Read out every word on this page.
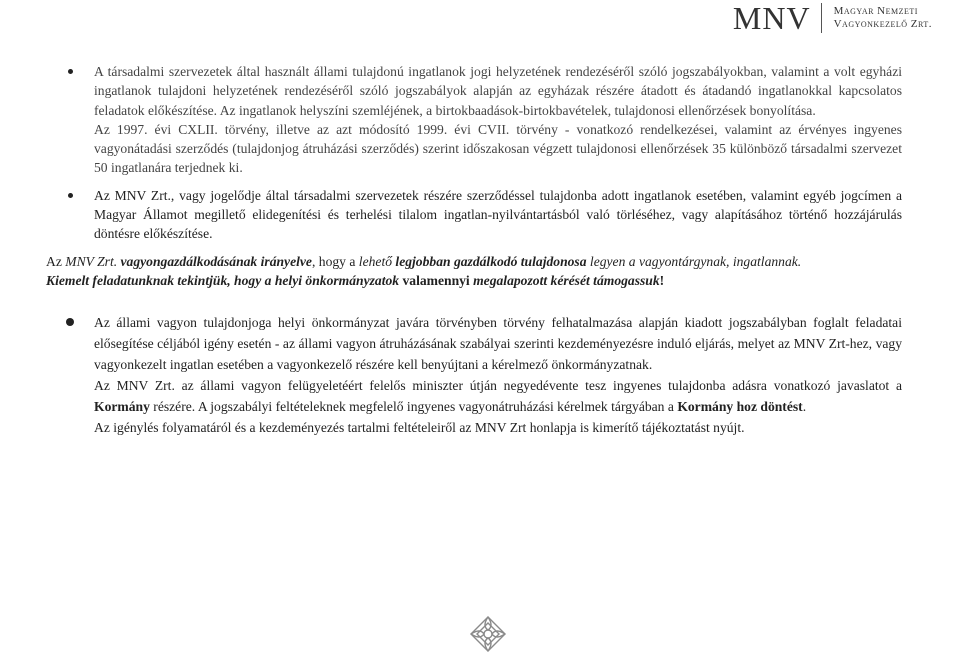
MNV Magyar Nemzeti
Vagyonkezelő Zrt.

A társadalmi szervezetek által használt állami tulajdonú ingatlanok jogi helyzetének rendezéséről szóló jogszabályokban, valamint a volt egyházi ingatlanok tulajdoni helyzetének rendezéséről szóló jogszabályok alapján az egyházak részére átadott és átadandó ingatlanokkal kapcsolatos feladatok előkészítése. Az ingatlanok helyszíni szemléjének, a birtokbaadások-birtokbavételek, tulajdonosi ellenőrzések bonyolítása.

Az 1997. évi CXLII. törvény, illetve az azt módosító 1999. évi CVII. törvény - vonatkozó rendelkezései, valamint az érvényes ingyenes vagyonátadási szerződés (tulajdonjog átruházási szerződés) szerint időszakosan végzett tulajdonosi ellenőrzések 35 különböző társadalmi szervezet 50 ingatlanára terjednek ki.

Az MNV Zrt., vagy jogelődje által társadalmi szervezetek részére szerződéssel tulajdonba adott ingatlanok esetében, valamint egyéb jogcímen a Magyar Államot megillető elidegenítési és terhelési tilalom ingatlan-nyilvántartásból való törléséhez, vagy alapításához történő hozzájárulás döntésre előkészítése.

Az MNV Zrt. vagyongazdálkodásának irányelve, hogy a lehető legjobban gazdálkodó tulajdonosa legyen a vagyontárgynak, ingatlannak.

Kiemelt feladatunknak tekintjük, hogy a helyi önkormányzatok valamennyi megalapozott kérését támogassuk!

Az állami vagyon tulajdonjoga helyi önkormányzat javára törvényben törvény felhatalmazása alapján kiadott jogszabályban foglalt feladatai elősegítése céljából igény esetén - az állami vagyon átruházásának szabályai szerinti kezdeményezésre induló eljárás, melyet az MNV Zrt-hez, vagy vagyonkezelt ingatlan esetében a vagyonkezelő részére kell benyújtani a kérelmező önkormányzatnak.

Az MNV Zrt. az állami vagyon felügyeletéért felelős miniszter útján negyedévente tesz ingyenes tulajdonba adásra vonatkozó javaslatot a Kormány részére. A jogszabályi feltételeknek megfelelő ingyenes vagyonátruházási kérelmek tárgyában a Kormány hoz döntést.

Az igénylés folyamatáról és a kezdeményezés tartalmi feltételeiről az MNV Zrt honlapja is kimerítő tájékoztatást nyújt.
